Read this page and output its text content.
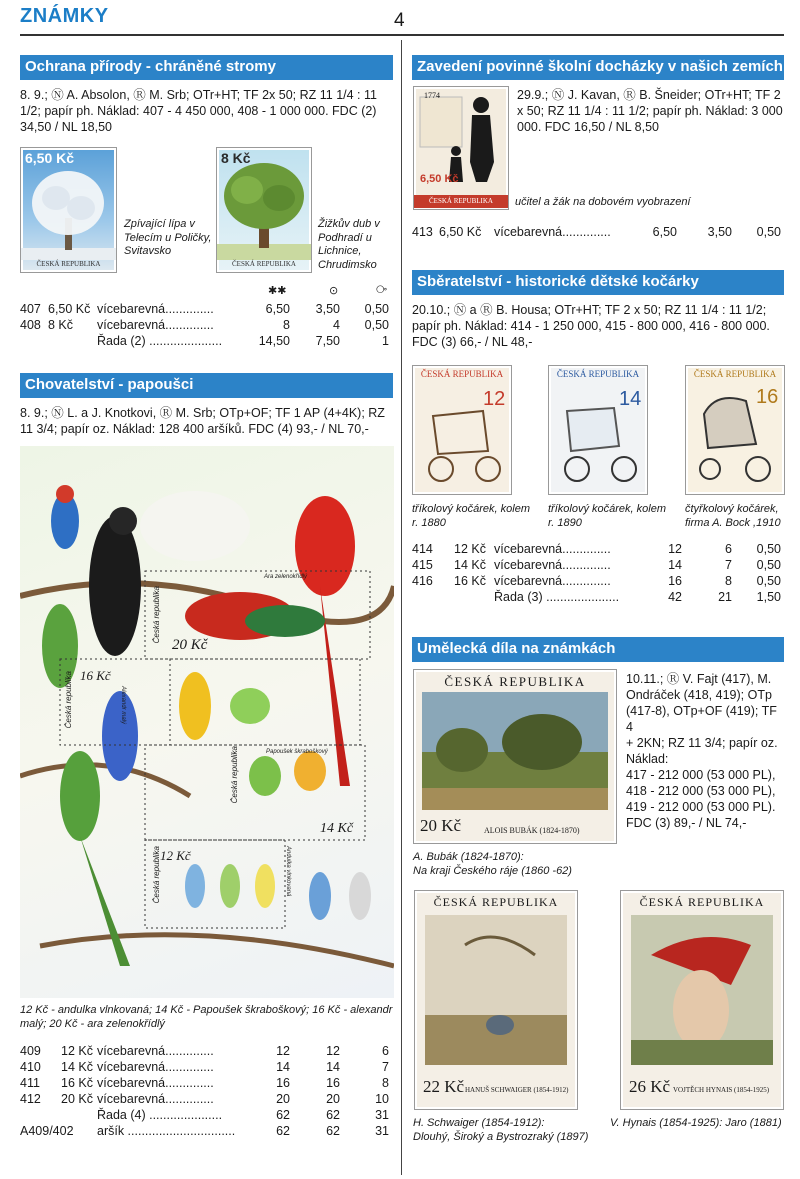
ZNÁMKY	4
Ochrana přírody - chráněné stromy
8. 9.; Ⓝ A. Absolon, Ⓡ M. Srb; OTr+HT; TF 2x 50; RZ 11 1/4 : 11 1/2; papír ph. Náklad: 407 - 4 450 000, 408 - 1 000 000. FDC (2) 34,50 / NL 18,50
6,50 Kč
ČESKÁ REPUBLIKA
Zpívající lípa v Telecím u Poličky, Svitavsko
8 Kč
ČESKÁ REPUBLIKA
Žižkův dub v Podhradí u Lichnice, Chrudimsko
✱✱	⊙	⧂
407 6,50 Kč vícebarevná..............	6,50 3,50 0,50
408 8 Kč vícebarevná..............	8	4 0,50
Řada (2) .....................	14,50 7,50	1
Chovatelství - papoušci
8. 9.; Ⓝ L. a J. Knotkovi, Ⓡ M. Srb; OTp+OF; TF 1 AP (4+4K); RZ 11 3/4; papír oz. Náklad: 128 400 aršíků. FDC (4) 93,- / NL 70,-
20 Kč
16 Kč
14 Kč
12 Kč
Ara zelenokřídlý
Papoušek škraboškový
Alexandr malý
Andulka vlnkovaná
Česká republika
Česká republika
Česká republika
Česká republika
12 Kč - andulka vlnkovaná; 14 Kč - Papoušek škraboškový; 16 Kč - alexandr malý; 20 Kč - ara zelenokřídlý
409 12 Kč vícebarevná..............	12	12	6
410 14 Kč vícebarevná..............	14	14	7
411 16 Kč vícebarevná..............	16	16	8
412 20 Kč vícebarevná..............	20	20	10
Řada (4) .....................	62	62	31
A409/402 aršík ...............................	62	62	31
Zavedení povinné školní docházky v našich zemích
1774
6,50 Kč
ČESKÁ REPUBLIKA
29.9.; Ⓝ J. Kavan, Ⓡ B. Šneider; OTr+HT; TF 2 x 50; RZ 11 1/4 : 11 1/2; papír ph. Náklad: 3 000 000. FDC 16,50 / NL 8,50
učitel a žák na dobovém vyobrazení
413 6,50 Kč vícebarevná..............	6,50 3,50 0,50
Sběratelství - historické dětské kočárky
20.10.; Ⓝ a Ⓡ B. Housa; OTr+HT; TF 2 x 50; RZ 11 1/4 : 11 1/2; papír ph. Náklad: 414 - 1 250 000, 415 - 800 000, 416 - 800 000. FDC (3) 66,- / NL 48,-
ČESKÁ REPUBLIKA
12
ČESKÁ REPUBLIKA
14
ČESKÁ REPUBLIKA
16
tříkolový kočárek, kolem r. 1880
tříkolový kočárek, kolem r. 1890
čtyřkolový kočárek, firma A. Bock ,1910
414 12 Kč vícebarevná..............	12	6 0,50
415 14 Kč vícebarevná..............	14	7 0,50
416 16 Kč vícebarevná..............	16	8 0,50
Řada (3) .....................	42	21 1,50
Umělecká díla na známkách
ČESKÁ REPUBLIKA
20 Kč	ALOIS BUBÁK (1824-1870)
10.11.; Ⓡ V. Fajt (417), M.
Ondráček (418, 419); OTp
(417-8), OTp+OF (419); TF 4
+ 2KN; RZ 11 3/4; papír oz.
Náklad:
417 - 212 000 (53 000 PL),
418 - 212 000 (53 000 PL),
419 - 212 000 (53 000 PL).
FDC (3) 89,- / NL 74,-
A. Bubák (1824-1870):
Na kraji Českého ráje (1860 -62)
ČESKÁ REPUBLIKA
22 Kč HANUŠ SCHWAIGER (1854-1912)
H. Schwaiger (1854-1912):
Dlouhý, Široký a Bystrozraký (1897)
ČESKÁ REPUBLIKA
26 Kč VOJTĚCH HYNAIS (1854-1925)
V. Hynais (1854-1925): Jaro (1881)
